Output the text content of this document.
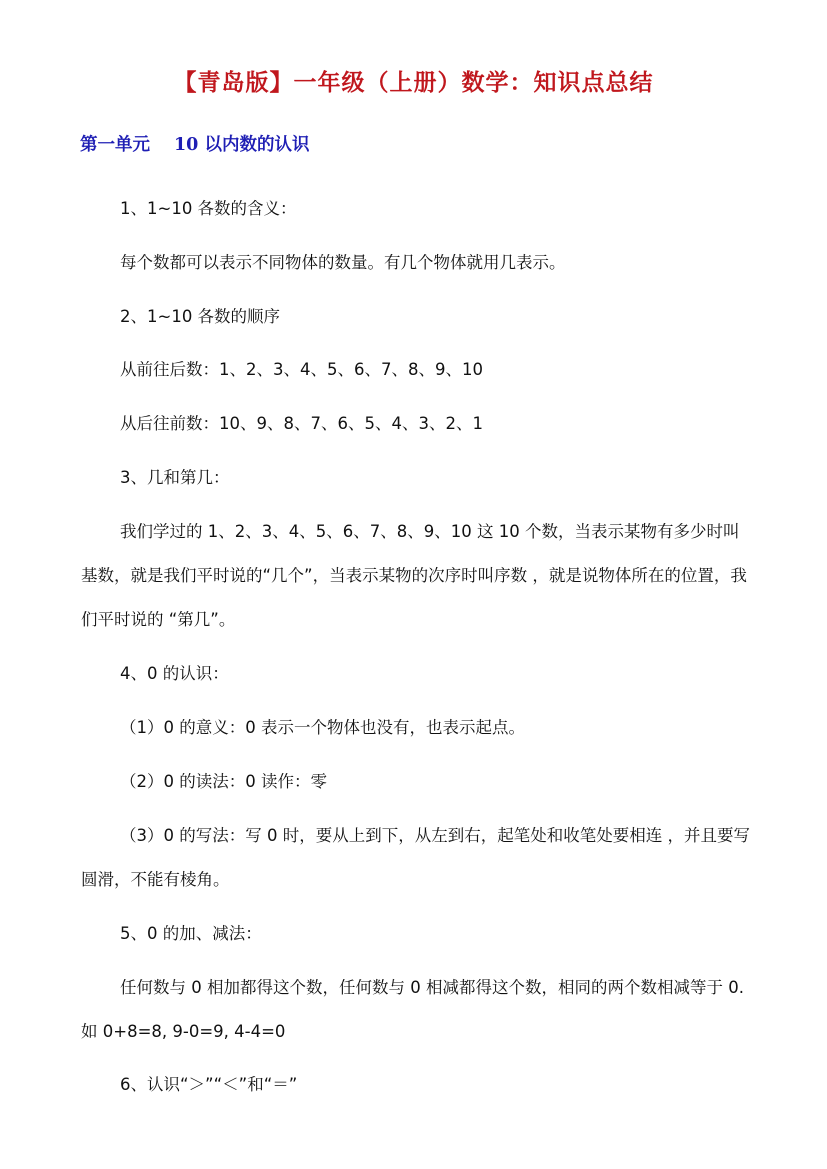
【青岛版】一年级（上册）数学：知识点总结
第一单元 10 以内数的认识
1、1~10 各数的含义：
每个数都可以表示不同物体的数量。有几个物体就用几表示。
2、1~10 各数的顺序
从前往后数：1、2、3、4、5、6、7、8、9、10
从后往前数：10、9、8、7、6、5、4、3、2、1
3、几和第几：
我们学过的 1、2、3、4、5、6、7、8、9、10 这 10 个数，当表示某物有多少时叫基数，就是我们平时说的“几个”，当表示某物的次序时叫序数 ，就是说物体所在的位置，我们平时说的 “第几”。
4、0 的认识：
（1）0 的意义：0 表示一个物体也没有，也表示起点。
（2）0 的读法：0 读作：零
（3）0 的写法：写 0 时，要从上到下，从左到右，起笔处和收笔处要相连 ，并且要写圆滑，不能有棱角。
5、0 的加、减法：
任何数与 0 相加都得这个数，任何数与 0 相减都得这个数，相同的两个数相减等于 0.如 0+8=8, 9-0=9, 4-4=0
6、认识“＞”“＜”和“＝”
